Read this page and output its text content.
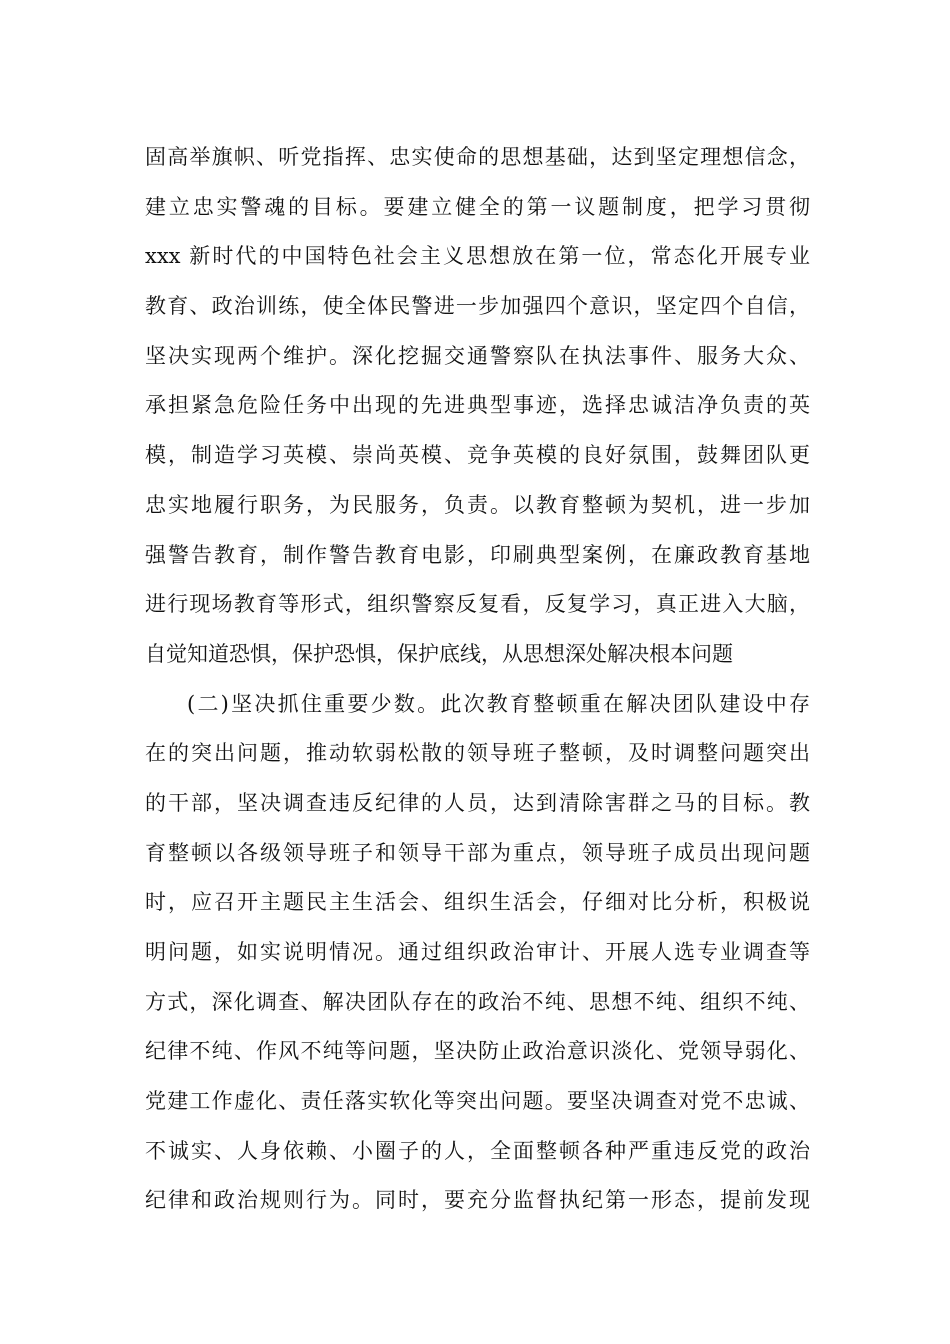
固高举旗帜、听党指挥、忠实使命的思想基础，达到坚定理想信念，
建立忠实警魂的目标。要建立健全的第一议题制度，把学习贯彻
xxx 新时代的中国特色社会主义思想放在第一位，常态化开展专业
教育、政治训练，使全体民警进一步加强四个意识，坚定四个自信，
坚决实现两个维护。深化挖掘交通警察队在执法事件、服务大众、
承担紧急危险任务中出现的先进典型事迹，选择忠诚洁净负责的英
模，制造学习英模、崇尚英模、竞争英模的良好氛围，鼓舞团队更
忠实地履行职务，为民服务，负责。以教育整顿为契机，进一步加
强警告教育，制作警告教育电影，印刷典型案例，在廉政教育基地
进行现场教育等形式，组织警察反复看，反复学习，真正进入大脑，
自觉知道恐惧，保护恐惧，保护底线，从思想深处解决根本问题
(二)坚决抓住重要少数。此次教育整顿重在解决团队建设中存
在的突出问题，推动软弱松散的领导班子整顿，及时调整问题突出
的干部，坚决调查违反纪律的人员，达到清除害群之马的目标。教
育整顿以各级领导班子和领导干部为重点，领导班子成员出现问题
时，应召开主题民主生活会、组织生活会，仔细对比分析，积极说
明问题，如实说明情况。通过组织政治审计、开展人选专业调查等
方式，深化调查、解决团队存在的政治不纯、思想不纯、组织不纯、
纪律不纯、作风不纯等问题，坚决防止政治意识淡化、党领导弱化、
党建工作虚化、责任落实软化等突出问题。要坚决调查对党不忠诚、
不诚实、人身依赖、小圈子的人，全面整顿各种严重违反党的政治
纪律和政治规则行为。同时，要充分监督执纪第一形态，提前发现
